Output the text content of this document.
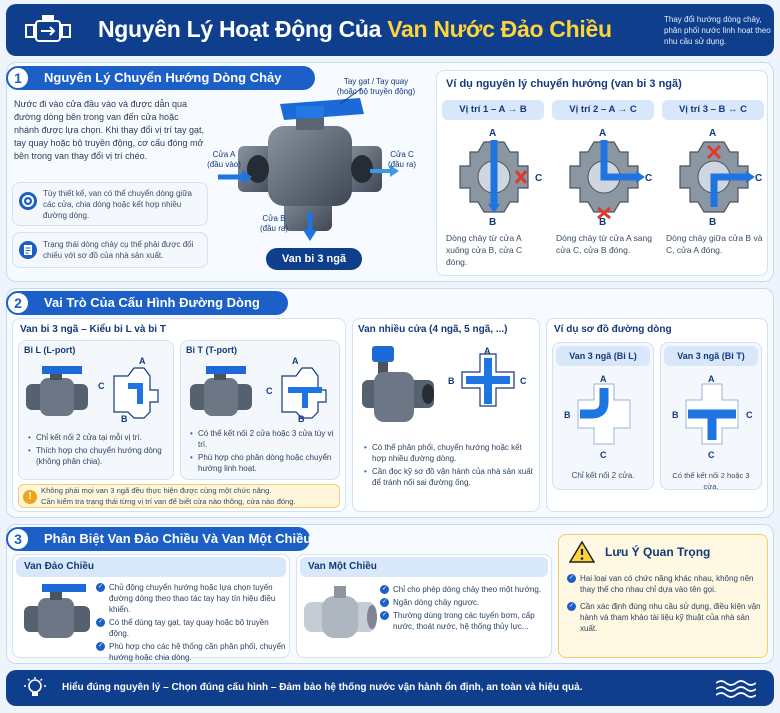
Nguyên Lý Hoạt Động Của Van Nước Đảo Chiều	Thay đổi hướng dòng chảy, phân phối nước linh hoạt theo nhu cầu sử dụng.
Nguyên Lý Chuyển Hướng Dòng Chảy
1
Nước đi vào cửa đầu vào và được dẫn qua đường dòng bên trong van đến cửa hoặc nhánh được lựa chọn. Khi thay đổi vị trí tay gạt, tay quay hoặc bộ truyền động, cơ cấu đóng mở bên trong van thay đổi vị trí chéo.
Tùy thiết kế, van có thể chuyển dòng giữa các cửa, chia dòng hoặc kết hợp nhiều đường dòng.
Trạng thái dòng chảy cụ thể phải được đối chiếu với sơ đồ của nhà sản xuất.
Tay gạt / Tay quay
(hoặc bộ truyền động)
Cửa A
(đầu vào)
Cửa C
(đầu ra)
Cửa B
(đầu ra)
Van bi 3 ngã
Ví dụ nguyên lý chuyển hướng (van bi 3 ngã)
Vị trí 1 – A → B
A
C
B
Dòng chảy từ cửa A xuống cửa B, cửa C đóng.
Vị trí 2 – A → C
A
C
B
Dòng chảy từ cửa A sang cửa C, cửa B đóng.
Vị trí 3 – B ↔ C
A
C
B
Dòng chảy giữa cửa B và C, cửa A đóng.
Vai Trò Của Cấu Hình Đường Dòng
2
Van bi 3 ngã – Kiểu bi L và bi T
Bi L (L-port)	Bi T (T-port)
A
C
B
A
C
B
• Chỉ kết nối 2 cửa tại mỗi vị trí.
• Thích hợp cho chuyển hướng dòng (không phân chia).
• Có thể kết nối 2 cửa hoặc 3 cửa tùy vị trí.
• Phù hợp cho phân dòng hoặc chuyển hướng linh hoạt.
!
Không phải mọi van 3 ngã đều thực hiện được cùng một chức năng.
Cần kiểm tra trạng thái từng vị trí van để biết cửa nào thông, cửa nào đóng.
Van nhiều cửa (4 ngã, 5 ngã, ...)
A
B	C
• Có thể phân phối, chuyển hướng hoặc kết hợp nhiều đường dòng.
• Cần đọc kỹ sơ đồ vận hành của nhà sản xuất để tránh nối sai đường ống.
Ví dụ sơ đồ đường dòng
Van 3 ngã (Bi L)	Van 3 ngã (Bi T)
A
B
C
A
B	C
C
Chỉ kết nối 2 cửa.	Có thể kết nối 2 hoặc 3 cửa.
Phân Biệt Van Đảo Chiều Và Van Một Chiều
3
Van Đảo Chiều
✓ Chủ động chuyển hướng hoặc lựa chọn tuyến đường dòng theo thao tác tay hay tín hiệu điều khiển.
✓ Có thể dùng tay gạt, tay quay hoặc bộ truyền động.
✓ Phù hợp cho các hệ thống cần phân phối, chuyển hướng hoặc chia dòng.
Van Một Chiều
✓ Chỉ cho phép dòng chảy theo một hướng.
✓ Ngăn dòng chảy ngược.
✓ Thường dùng trong các tuyến bơm, cấp nước, thoát nước, hệ thống thủy lực...
Lưu Ý Quan Trọng
✓ Hai loại van có chức năng khác nhau, không nên thay thế cho nhau chỉ dựa vào tên gọi.
✓ Cần xác định đúng nhu cầu sử dụng, điều kiện vận hành và tham khảo tài liệu kỹ thuật của nhà sản xuất.
Hiểu đúng nguyên lý – Chọn đúng cấu hình – Đảm bảo hệ thống nước vận hành ổn định, an toàn và hiệu quả.
